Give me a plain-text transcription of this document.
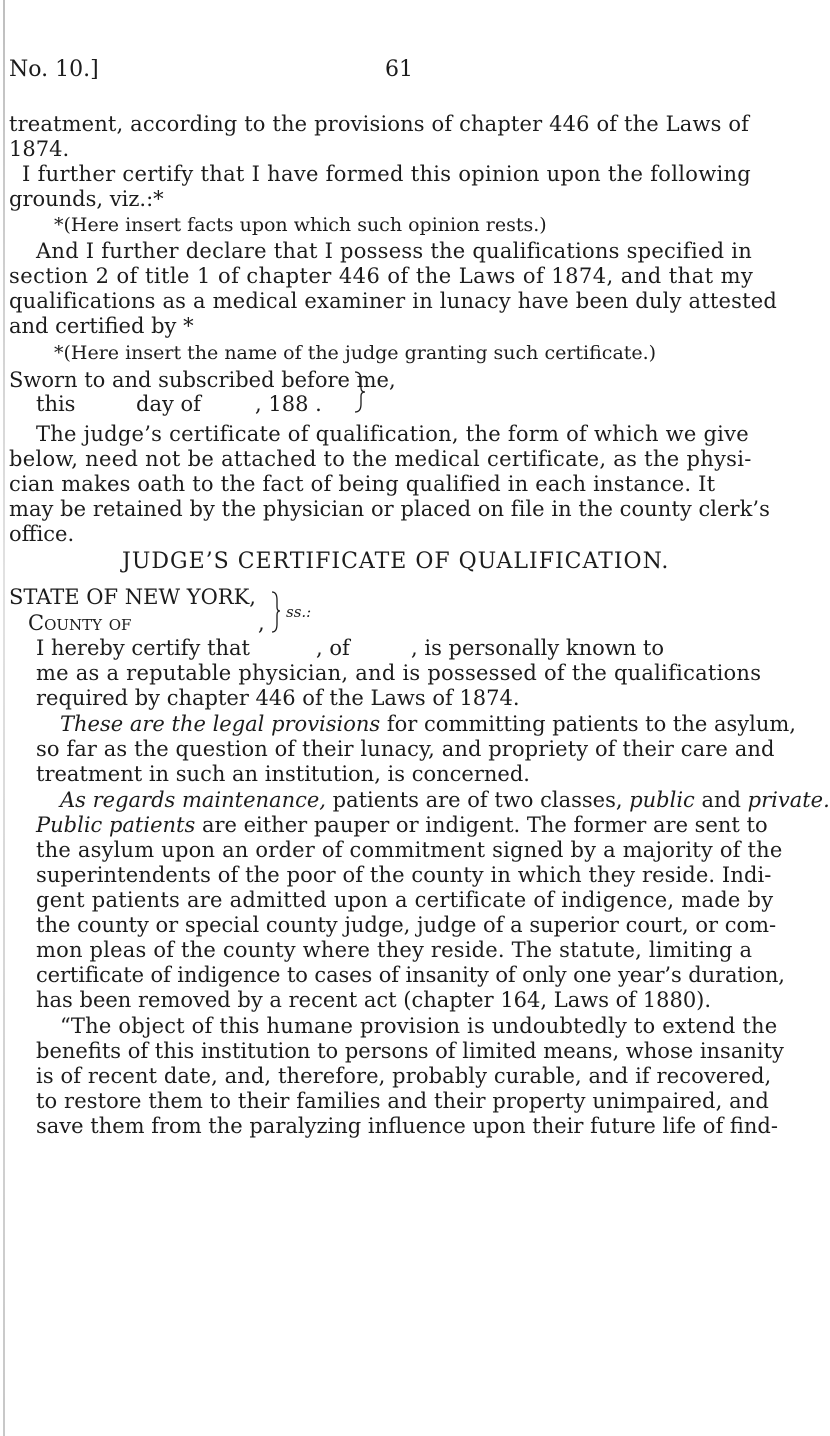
No. 10.]	61
treatment, according to the provisions of chapter 446 of the Laws of
1874.
I further certify that I have formed this opinion upon the following
grounds, viz.:*
*(Here insert facts upon which such opinion rests.)
And I further declare that I possess the qualifications specified in
section 2 of title 1 of chapter 446 of the Laws of 1874, and that my
qualifications as a medical examiner in lunacy have been duly attested
and certified by *
*(Here insert the name of the judge granting such certificate.)
Sworn to and subscribed before me,
this	day of	, 188 .
The judge’s certificate of qualification, the form of which we give
below, need not be attached to the medical certificate, as the physi-
cian makes oath to the fact of being qualified in each instance. It
may be retained by the physician or placed on file in the county clerk’s
office.
JUDGE’S CERTIFICATE OF QUALIFICATION.
STATE OF NEW YORK,
County of	, ss.:
I hereby certify that	, of	, is personally known to
me as a reputable physician, and is possessed of the qualifications
required by chapter 446 of the Laws of 1874.
These are the legal provisions for committing patients to the asylum,
so far as the question of their lunacy, and propriety of their care and
treatment in such an institution, is concerned.
As regards maintenance, patients are of two classes, public and private.
Public patients are either pauper or indigent. The former are sent to
the asylum upon an order of commitment signed by a majority of the
superintendents of the poor of the county in which they reside. Indi-
gent patients are admitted upon a certificate of indigence, made by
the county or special county judge, judge of a superior court, or com-
mon pleas of the county where they reside. The statute, limiting a
certificate of indigence to cases of insanity of only one year’s duration,
has been removed by a recent act (chapter 164, Laws of 1880).
“The object of this humane provision is undoubtedly to extend the
benefits of this institution to persons of limited means, whose insanity
is of recent date, and, therefore, probably curable, and if recovered,
to restore them to their families and their property unimpaired, and
save them from the paralyzing influence upon their future life of find-
